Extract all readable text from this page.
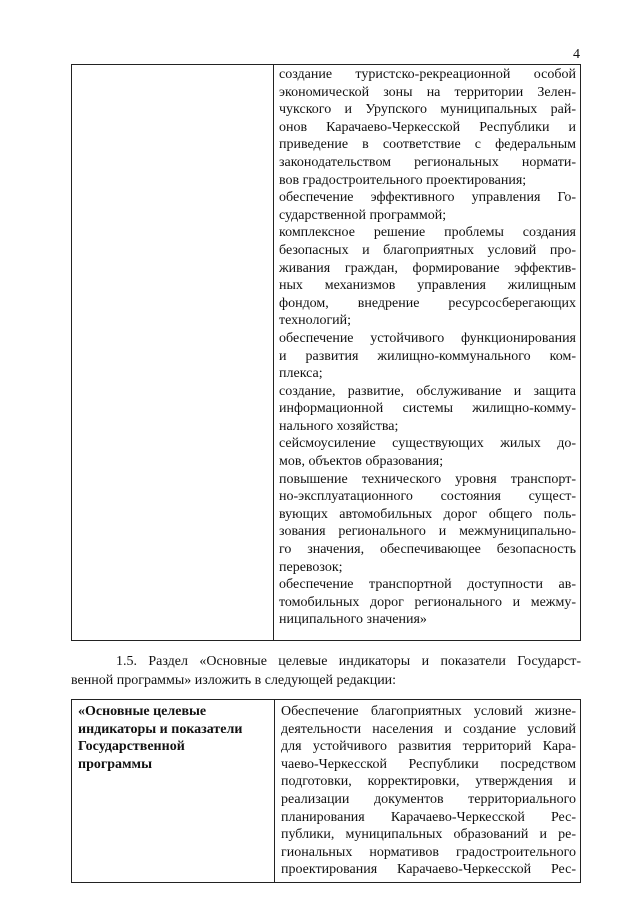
4

создание туристско-рекреационной особой
экономической зоны на территории Зелен-
чукского и Урупского муниципальных рай-
онов Карачаево-Черкесской Республики и
приведение в соответствие с федеральным
законодательством региональных нормати-
вов градостроительного проектирования;
обеспечение эффективного управления Го-
сударственной программой;
комплексное решение проблемы создания
безопасных и благоприятных условий про-
живания граждан, формирование эффектив-
ных механизмов управления жилищным
фондом, внедрение ресурсосберегающих
технологий;
обеспечение устойчивого функционирования
и развития жилищно-коммунального ком-
плекса;
создание, развитие, обслуживание и защита
информационной системы жилищно-комму-
нального хозяйства;
сейсмоусиление существующих жилых до-
мов, объектов образования;
повышение технического уровня транспорт-
но-эксплуатационного состояния сущест-
вующих автомобильных дорог общего поль-
зования регионального и межмуниципально-
го значения, обеспечивающее безопасность
перевозок;
обеспечение транспортной доступности ав-
томобильных дорог регионального и межму-
ниципального значения»
1.5. Раздел «Основные целевые индикаторы и показатели Государст-
венной программы» изложить в следующей редакции:
«Основные целевые
индикаторы и показатели
Государственной
программы

Обеспечение благоприятных условий жизне-
деятельности населения и создание условий
для устойчивого развития территорий Кара-
чаево-Черкесской Республики посредством
подготовки, корректировки, утверждения и
реализации документов территориального
планирования Карачаево-Черкесской Рес-
публики, муниципальных образований и ре-
гиональных нормативов градостроительного
проектирования Карачаево-Черкесской Рес-
